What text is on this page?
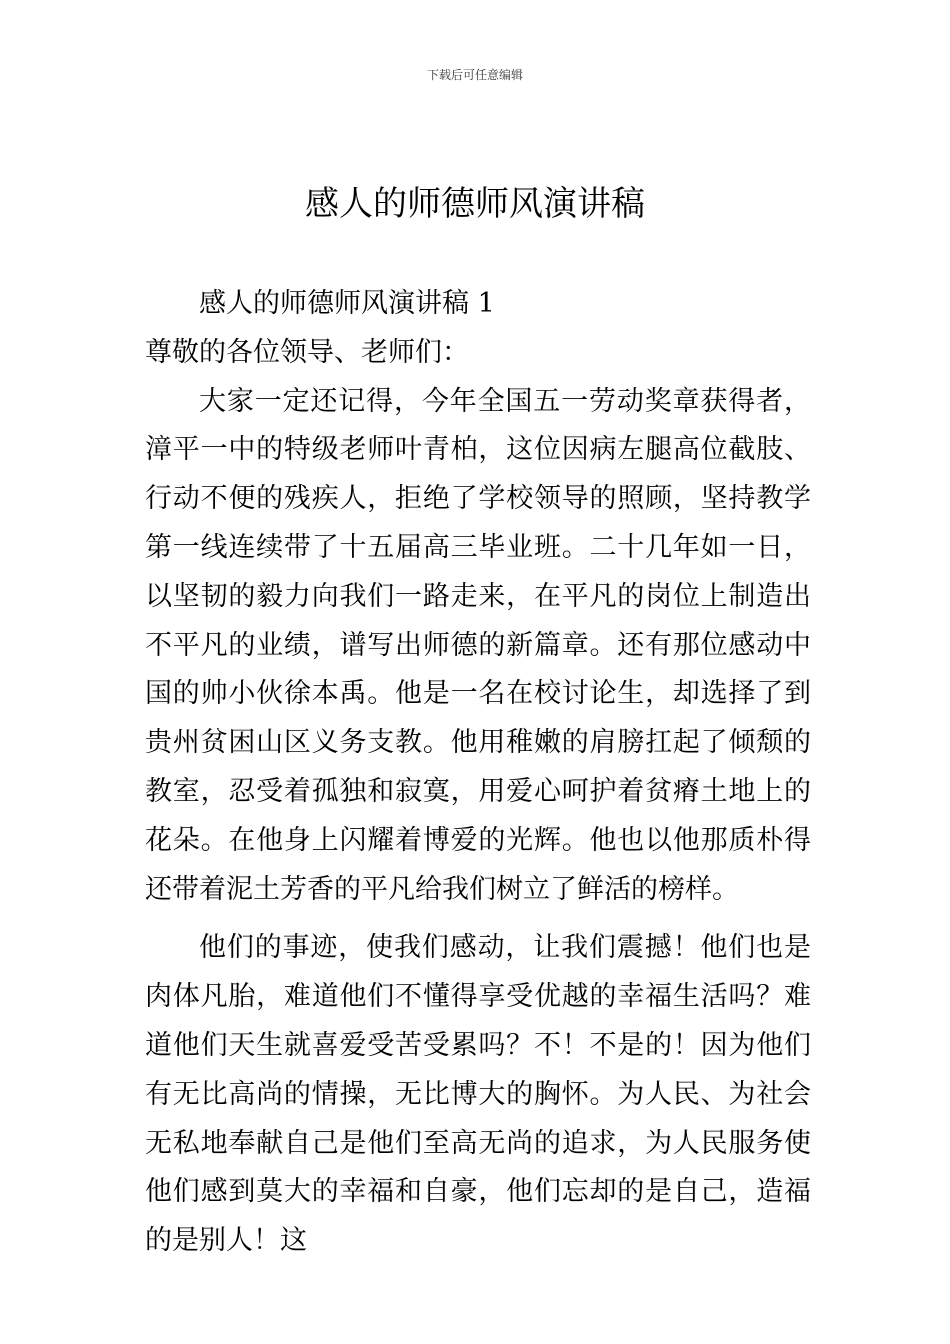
下载后可任意编辑
感人的师德师风演讲稿

感人的师德师风演讲稿 1

尊敬的各位领导、老师们：

大家一定还记得，今年全国五一劳动奖章获得者，漳平一中的特级老师叶青柏，这位因病左腿高位截肢、行动不便的残疾人，拒绝了学校领导的照顾，坚持教学第一线连续带了十五届高三毕业班。二十几年如一日，以坚韧的毅力向我们一路走来，在平凡的岗位上制造出不平凡的业绩，谱写出师德的新篇章。还有那位感动中国的帅小伙徐本禹。他是一名在校讨论生，却选择了到贵州贫困山区义务支教。他用稚嫩的肩膀扛起了倾颓的教室，忍受着孤独和寂寞，用爱心呵护着贫瘠土地上的花朵。在他身上闪耀着博爱的光辉。他也以他那质朴得还带着泥土芳香的平凡给我们树立了鲜活的榜样。

他们的事迹，使我们感动，让我们震撼！他们也是肉体凡胎，难道他们不懂得享受优越的幸福生活吗？难道他们天生就喜爱受苦受累吗？不！不是的！因为他们有无比高尚的情操，无比博大的胸怀。为人民、为社会无私地奉献自己是他们至高无尚的追求，为人民服务使他们感到莫大的幸福和自豪，他们忘却的是自己，造福的是别人！这
